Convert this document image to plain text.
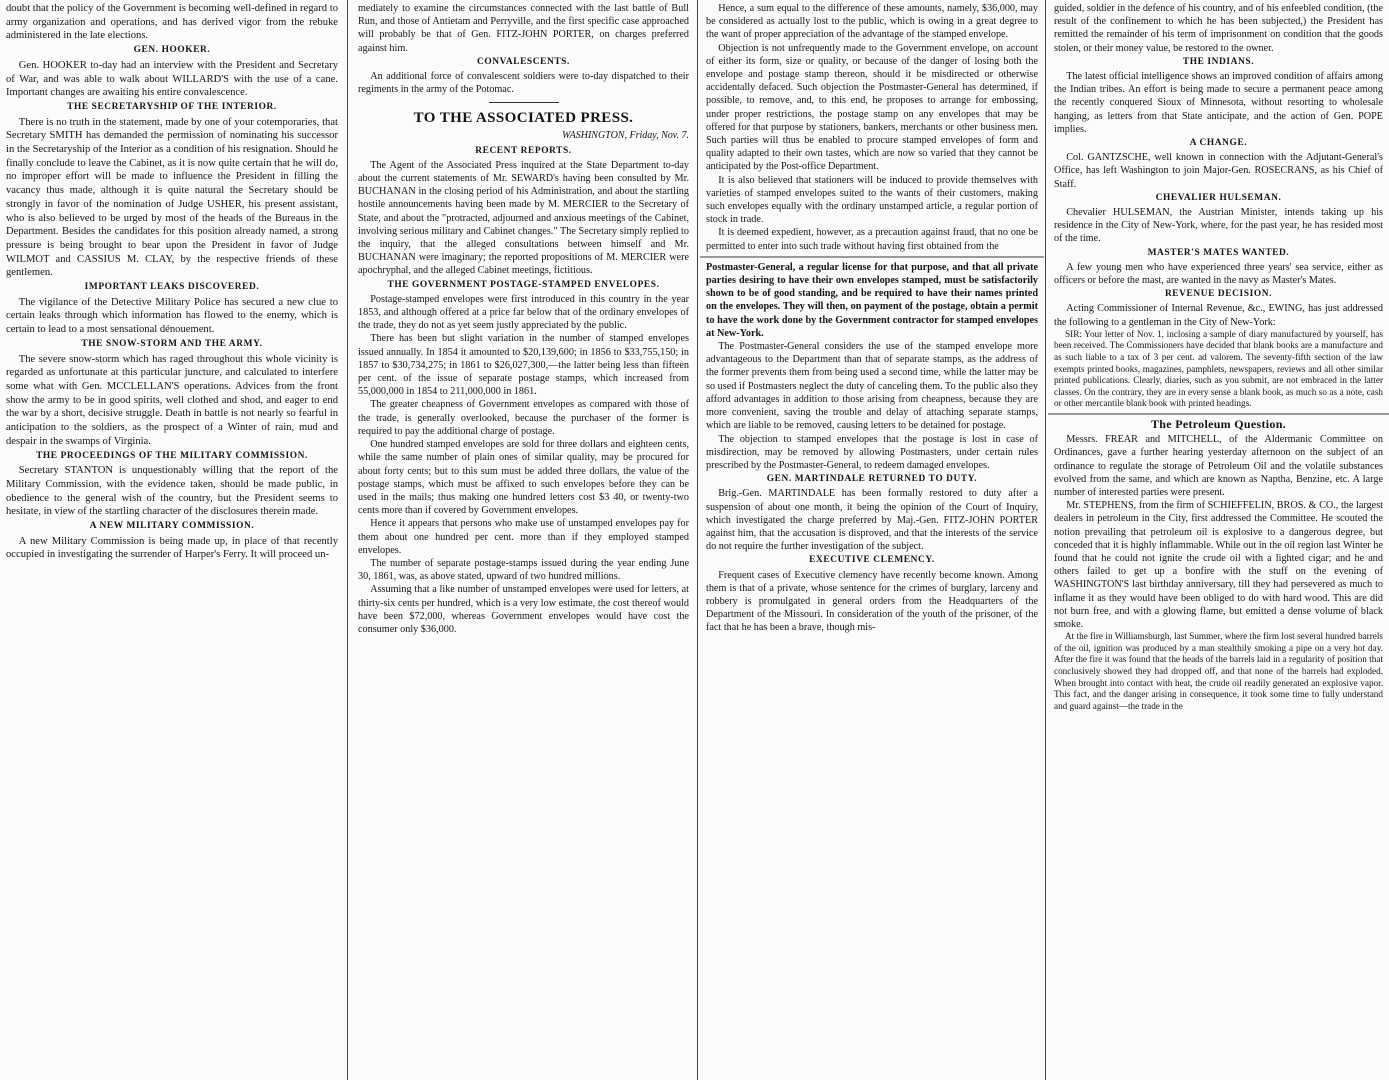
doubt that the policy of the Government is becoming well-defined in regard to army organization and operations, and has derived vigor from the rebuke administered in the late elections.

GEN. HOOKER.

Gen. HOOKER to-day had an interview with the President and Secretary of War, and was able to walk about WILLARD'S with the use of a cane. Important changes are awaiting his entire convalescence.

THE SECRETARYSHIP OF THE INTERIOR.

There is no truth in the statement, made by one of your cotemporaries, that Secretary SMITH has demanded the permission of nominating his successor in the Secretaryship of the Interior as a condition of his resignation. Should he finally conclude to leave the Cabinet, as it is now quite certain that he will do, no improper effort will be made to influence the President in filling the vacancy thus made, although it is quite natural the Secretary should be strongly in favor of the nomination of Judge USHER, his present assistant, who is also believed to be urged by most of the heads of the Bureaus in the Department. Besides the candidates for this position already named, a strong pressure is being brought to bear upon the President in favor of Judge WILMOT and CASSIUS M. CLAY, by the respective friends of these gentlemen.

IMPORTANT LEAKS DISCOVERED.

The vigilance of the Detective Military Police has secured a new clue to certain leaks through which information has flowed to the enemy, which is certain to lead to a most sensational dénouement.

THE SNOW-STORM AND THE ARMY.

The severe snow-storm which has raged throughout this whole vicinity is regarded as unfortunate at this particular juncture, and calculated to interfere some what with Gen. MCCLELLAN'S operations. Advices from the front show the army to be in good spirits, well clothed and shod, and eager to end the war by a short, decisive struggle. Death in battle is not nearly so fearful in anticipation to the soldiers, as the prospect of a Winter of rain, mud and despair in the swamps of Virginia.

THE PROCEEDINGS OF THE MILITARY COMMISSION.

Secretary STANTON is unquestionably willing that the report of the Military Commission, with the evidence taken, should be made public, in obedience to the general wish of the country, but the President seems to hesitate, in view of the startling character of the disclosures therein made.

A NEW MILITARY COMMISSION.

A new Military Commission is being made up, in place of that recently occupied in investigating the surrender of Harper's Ferry. It will proceed un-

mediately to examine the circumstances connected with the last battle of Bull Run, and those of Antietam and Perryville, and the first specific case approached will probably be that of Gen. FITZ-JOHN PORTER, on charges preferred against him.

CONVALESCENTS.

An additional force of convalescent soldiers were to-day dispatched to their regiments in the army of the Potomac.

TO THE ASSOCIATED PRESS.
WASHINGTON, Friday, Nov. 7.
RECENT REPORTS.

The Agent of the Associated Press inquired at the State Department to-day about the current statements of Mr. SEWARD's having been consulted by Mr. BUCHANAN in the closing period of his Administration, and about the startling hostile announcements having been made by M. MERCIER to the Secretary of State, and about the "protracted, adjourned and anxious meetings of the Cabinet, involving serious military and Cabinet changes." The Secretary simply replied to the inquiry, that the alleged consultations between himself and Mr. BUCHANAN were imaginary; the reported propositions of M. MERCIER were apochryphal, and the alleged Cabinet meetings, fictitious.

THE GOVERNMENT POSTAGE-STAMPED ENVELOPES.

Postage-stamped envelopes were first introduced in this country in the year 1853, and although offered at a price far below that of the ordinary envelopes of the trade, they do not as yet seem justly appreciated by the public.

There has been but slight variation in the number of stamped envelopes issued annually. In 1854 it amounted to $20,139,600; in 1856 to $33,755,150; in 1857 to $30,734,275; in 1861 to $26,027,300,—the latter being less than fifteen per cent. of the issue of separate postage stamps, which increased from 55,000,000 in 1854 to 211,000,000 in 1861.

The greater cheapness of Government envelopes as compared with those of the trade, is generally overlooked, because the purchaser of the former is required to pay the additional charge of postage.

One hundred stamped envelopes are sold for three dollars and eighteen cents, while the same number of plain ones of similar quality, may be procured for about forty cents; but to this sum must be added three dollars, the value of the postage stamps, which must be affixed to such envelopes before they can be used in the mails; thus making one hundred letters cost $3 40, or twenty-two cents more than if covered by Government envelopes.

Hence it appears that persons who make use of unstamped envelopes pay for them about one hundred per cent. more than if they employed stamped envelopes.

The number of separate postage-stamps issued during the year ending June 30, 1861, was, as above stated, upward of two hundred millions.

Assuming that a like number of unstamped envelopes were used for letters, at thirty-six cents per hundred, which is a very low estimate, the cost thereof would have been $72,000, whereas Government envelopes would have cost the consumer only $36,000.

Hence, a sum equal to the difference of these amounts, namely, $36,000, may be considered as actually lost to the public, which is owing in a great degree to the want of proper appreciation of the advantage of the stamped envelope.

Objection is not unfrequently made to the Government envelope, on account of either its form, size or quality, or because of the danger of losing both the envelope and postage stamp thereon, should it be misdirected or otherwise accidentally defaced. Such objection the Postmaster-General has determined, if possible, to remove, and, to this end, he proposes to arrange for embossing, under proper restrictions, the postage stamp on any envelopes that may be offered for that purpose by stationers, bankers, merchants or other business men. Such parties will thus be enabled to procure stamped envelopes of form and quality adapted to their own tastes, which are now so varied that they cannot be anticipated by the Post-office Department.

It is also believed that stationers will be induced to provide themselves with varieties of stamped envelopes suited to the wants of their customers, making such envelopes equally with the ordinary unstamped article, a regular portion of stock in trade.

It is deemed expedient, however, as a precaution against fraud, that no one be permitted to enter into such trade without having first obtained from the

Postmaster-General, a regular license for that purpose, and that all private parties desiring to have their own envelopes stamped, must be satisfactorily shown to be of good standing, and be required to have their names printed on the envelopes. They will then, on payment of the postage, obtain a permit to have the work done by the Government contractor for stamped envelopes at New-York.

The Postmaster-General considers the use of the stamped envelope more advantageous to the Department than that of separate stamps, as the address of the former prevents them from being used a second time, while the latter may be so used if Postmasters neglect the duty of canceling them. To the public also they afford advantages in addition to those arising from cheapness, because they are more convenient, saving the trouble and delay of attaching separate stamps, which are liable to be removed, causing letters to be detained for postage.

The objection to stamped envelopes that the postage is lost in case of misdirection, may be removed by allowing Postmasters, under certain rules prescribed by the Postmaster-General, to redeem damaged envelopes.

GEN. MARTINDALE RETURNED TO DUTY.

Brig.-Gen. MARTINDALE has been formally restored to duty after a suspension of about one month, it being the opinion of the Court of Inquiry, which investigated the charge preferred by Maj.-Gen. FITZ-JOHN PORTER against him, that the accusation is disproved, and that the interests of the service do not require the further investigation of the subject.

EXECUTIVE CLEMENCY.

Frequent cases of Executive clemency have recently become known. Among them is that of a private, whose sentence for the crimes of burglary, larceny and robbery is promulgated in general orders from the Headquarters of the Department of the Missouri. In consideration of the youth of the prisoner, of the fact that he has been a brave, though mis-

guided, soldier in the defence of his country, and of his enfeebled condition, (the result of the confinement to which he has been subjected,) the President has remitted the remainder of his term of imprisonment on condition that the goods stolen, or their money value, be restored to the owner.

THE INDIANS.

The latest official intelligence shows an improved condition of affairs among the Indian tribes. An effort is being made to secure a permanent peace among the recently conquered Sioux of Minnesota, without resorting to wholesale hanging, as letters from that State anticipate, and the action of Gen. POPE implies.

A CHANGE.

Col. GANTZSCHE, well known in connection with the Adjutant-General's Office, has left Washington to join Major-Gen. ROSECRANS, as his Chief of Staff.

CHEVALIER HULSEMAN.

Chevalier HULSEMAN, the Austrian Minister, intends taking up his residence in the City of New-York, where, for the past year, he has resided most of the time.

MASTER'S MATES WANTED.

A few young men who have experienced three years' sea service, either as officers or before the mast, are wanted in the navy as Master's Mates.

REVENUE DECISION.

Acting Commissioner of Internal Revenue, &c., EWING, has just addressed the following to a gentleman in the City of New-York:

SIR: Your letter of Nov. 1, inclosing a sample of diary manufactured by yourself, has been received. The Commissioners have decided that blank books are a manufacture and as such liable to a tax of 3 per cent. ad valorem. The seventy-fifth section of the law exempts printed books, magazines, pamphlets, newspapers, reviews and all other similar printed publications. Clearly, diaries, such as you submit, are not embraced in the latter classes. On the contrary, they are in every sense a blank book, as much so as a note, cash or other mercantile blank book with printed headings.

The Petroleum Question.

Messrs. FREAR and MITCHELL, of the Aldermanic Committee on Ordinances, gave a further hearing yesterday afternoon on the subject of an ordinance to regulate the storage of Petroleum Oil and the volatile substances evolved from the same, and which are known as Naptha, Benzine, etc. A large number of interested parties were present.

Mr. STEPHENS, from the firm of SCHIEFFELIN, BROS. & CO., the largest dealers in petroleum in the City, first addressed the Committee. He scouted the notion prevailing that petroleum oil is explosive to a dangerous degree, but conceded that it is highly inflammable. While out in the oil region last Winter he found that he could not ignite the crude oil with a lighted cigar; and he and others failed to get up a bonfire with the stuff on the evening of WASHINGTON'S last birthday anniversary, till they had persevered as much to inflame it as they would have been obliged to do with hard wood. This are did not burn free, and with a glowing flame, but emitted a dense volume of black smoke.

At the fire in Williamsburgh, last Summer, where the firm lost several hundred barrels of the oil, ignition was produced by a man stealthily smoking a pipe on a very hot day. After the fire it was found that the heads of the barrels laid in a regularity of position that conclusively showed they had dropped off, and that none of the barrels had exploded. When brought into contact with heat, the crude oil readily generated an explosive vapor. This fact, and the danger arising in consequence, it took some time to fully understand and guard against—the trade in the
